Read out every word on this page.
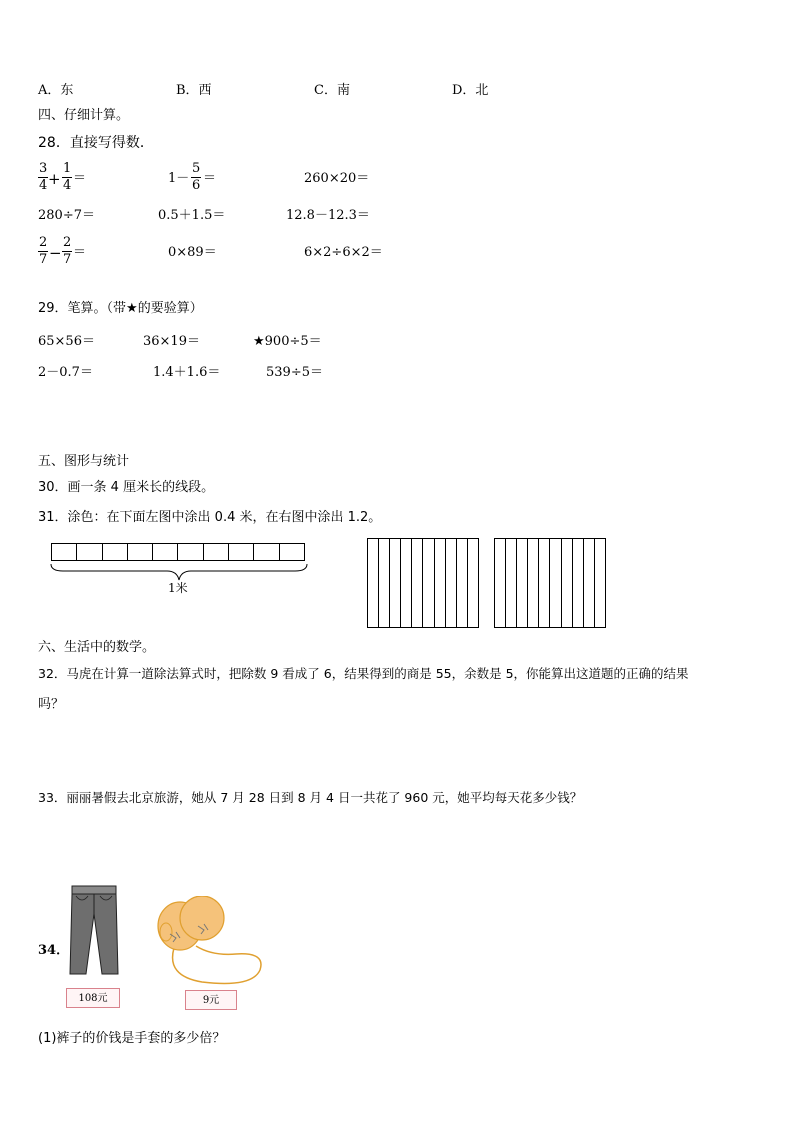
A．东	B．西	C．南	D．北
四、仔细计算。
28．直接写得数．
3
4 +
1
4 ＝	1－
5
6 ＝	260×20＝
280÷7＝	0.5＋1.5＝	12.8－12.3＝
2
7 −
2
7 ＝	0×89＝	6×2÷6×2＝
29．笔算。（带★的要验算）
65×56＝	36×19＝	★900÷5＝
2－0.7＝	1.4＋1.6＝	539÷5＝
五、图形与统计
30．画一条 4 厘米长的线段。
31．涂色：在下面左图中涂出 0.4 米，在右图中涂出 1.2。
1米
六、生活中的数学。
32．马虎在计算一道除法算式时，把除数 9 看成了 6，结果得到的商是 55，余数是 5，你能算出这道题的正确的结果
吗？
33．丽丽暑假去北京旅游，她从 7 月 28 日到 8 月 4 日一共花了 960 元，她平均每天花多少钱？
34．
108元	9元
(1)裤子的价钱是手套的多少倍？
